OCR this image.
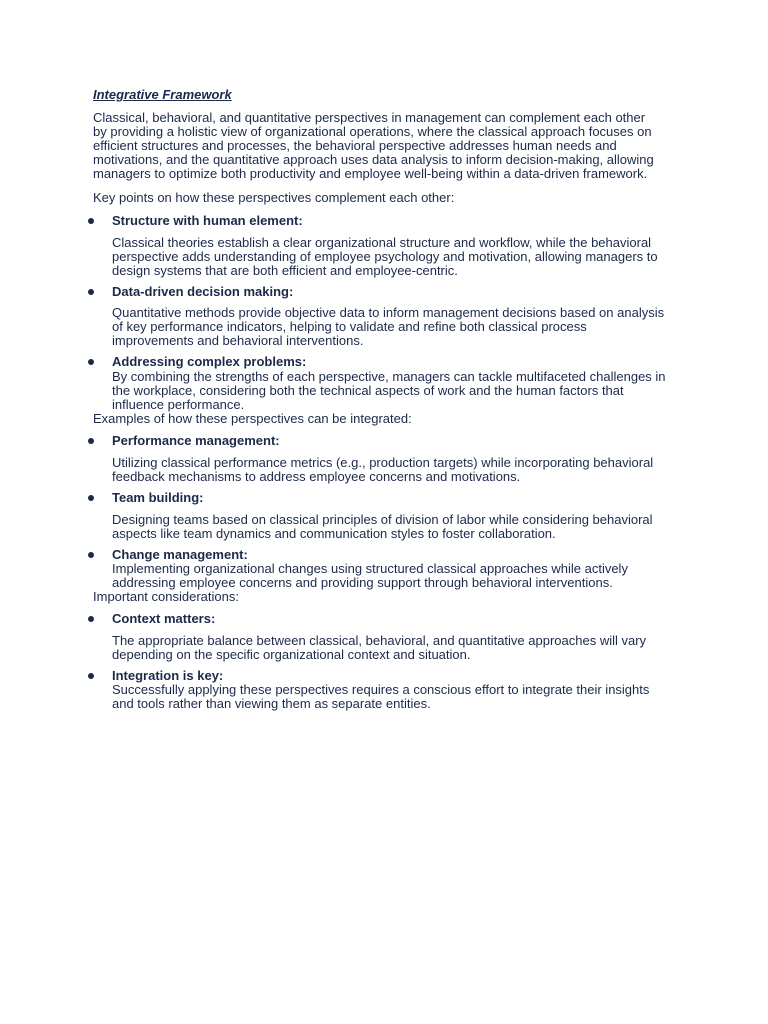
Integrative Framework
Classical, behavioral, and quantitative perspectives in management can complement each other
by providing a holistic view of organizational operations, where the classical approach focuses on
efficient structures and processes, the behavioral perspective addresses human needs and
motivations, and the quantitative approach uses data analysis to inform decision-making, allowing
managers to optimize both productivity and employee well-being within a data-driven framework.
Key points on how these perspectives complement each other:
Structure with human element:
Classical theories establish a clear organizational structure and workflow, while the behavioral
perspective adds understanding of employee psychology and motivation, allowing managers to
design systems that are both efficient and employee-centric.
Data-driven decision making:
Quantitative methods provide objective data to inform management decisions based on analysis
of key performance indicators, helping to validate and refine both classical process
improvements and behavioral interventions.
Addressing complex problems:
By combining the strengths of each perspective, managers can tackle multifaceted challenges in
the workplace, considering both the technical aspects of work and the human factors that
influence performance.
Examples of how these perspectives can be integrated:
Performance management:
Utilizing classical performance metrics (e.g., production targets) while incorporating behavioral
feedback mechanisms to address employee concerns and motivations.
Team building:
Designing teams based on classical principles of division of labor while considering behavioral
aspects like team dynamics and communication styles to foster collaboration.
Change management:
Implementing organizational changes using structured classical approaches while actively
addressing employee concerns and providing support through behavioral interventions.
Important considerations:
Context matters:
The appropriate balance between classical, behavioral, and quantitative approaches will vary
depending on the specific organizational context and situation.
Integration is key:
Successfully applying these perspectives requires a conscious effort to integrate their insights
and tools rather than viewing them as separate entities.
